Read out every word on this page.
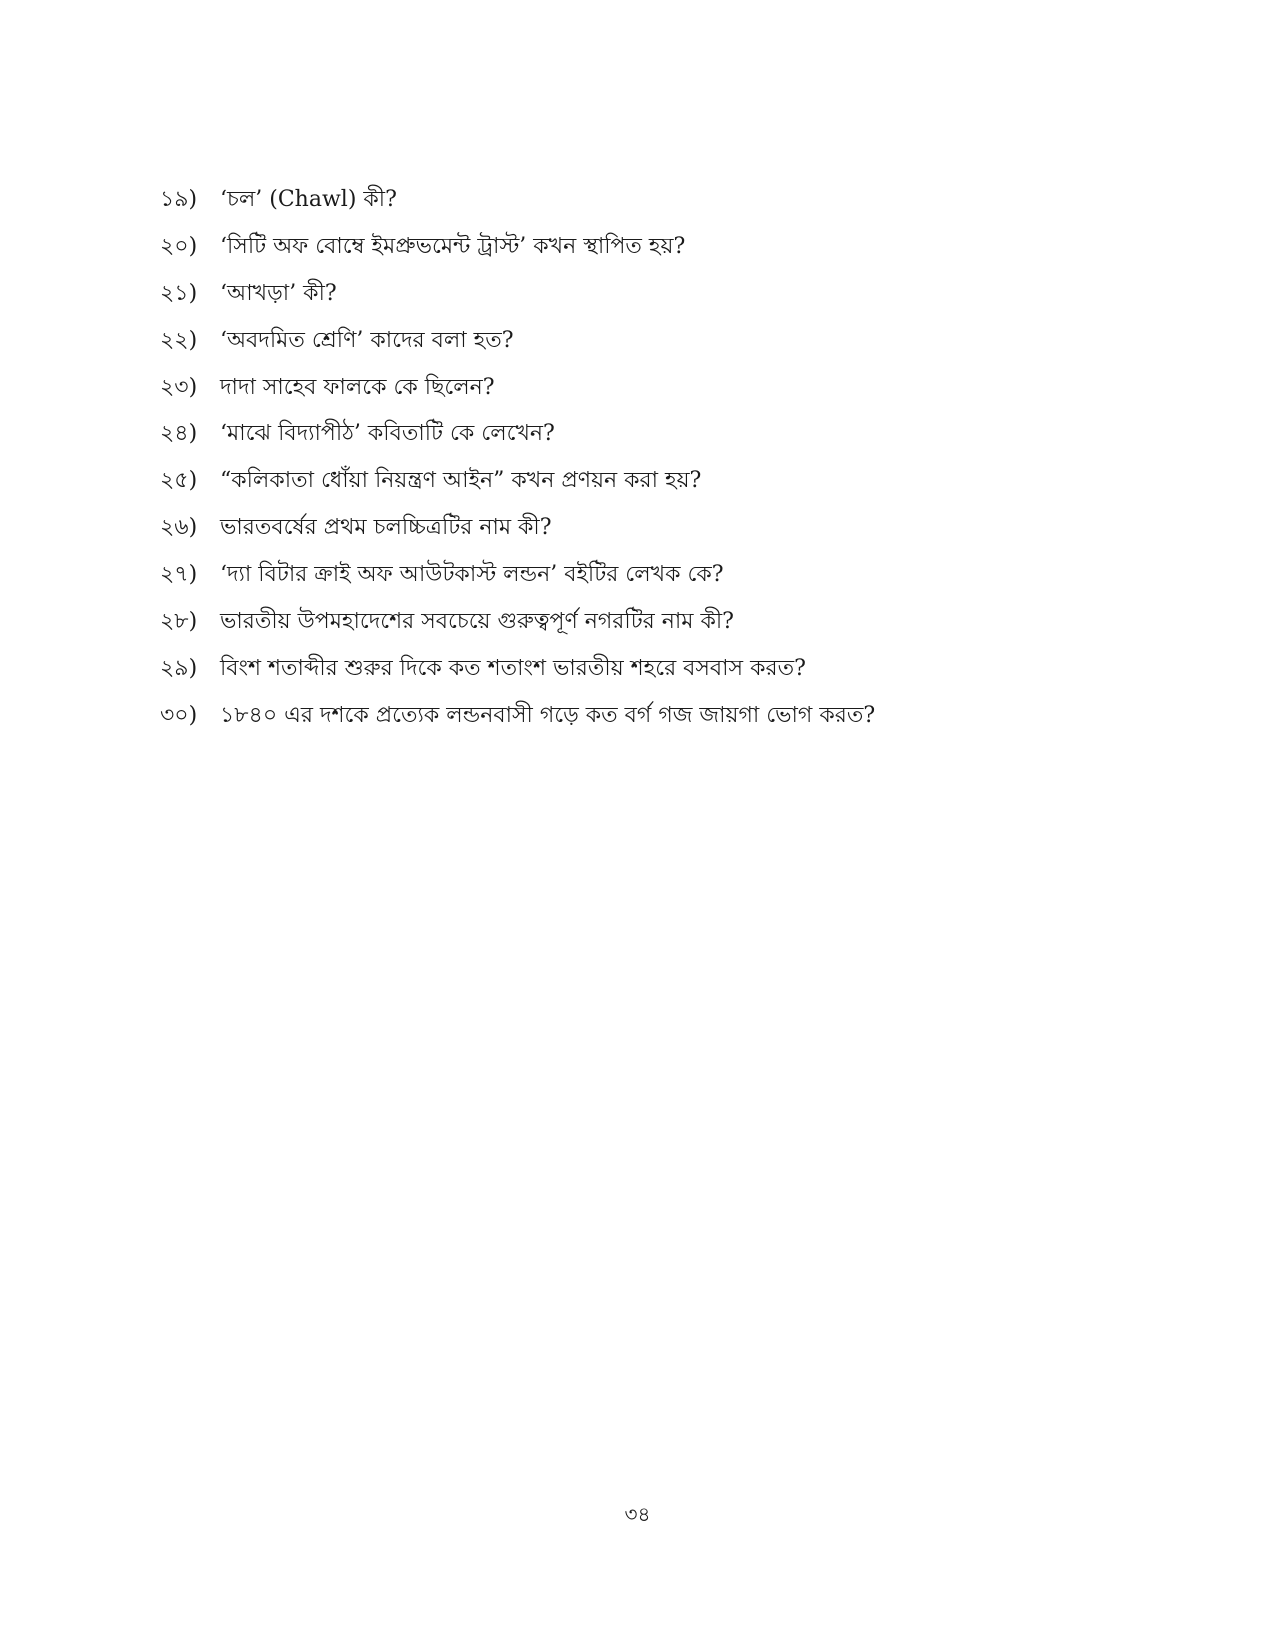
১৯)	‘চল’ (Chawl) কী?
২০)	‘সিটি অফ বোম্বে ইমপ্রুভমেন্ট ট্রাস্ট’ কখন স্থাপিত হয়?
২১)	‘আখড়া’ কী?
২২)	‘অবদমিত শ্রেণি’ কাদের বলা হত?
২৩)	দাদা সাহেব ফালকে কে ছিলেন?
২৪)	‘মাঝে বিদ্যাপীঠ’ কবিতাটি কে লেখেন?
২৫)	“কলিকাতা ধোঁয়া নিয়ন্ত্রণ আইন” কখন প্রণয়ন করা হয়?
২৬)	ভারতবর্ষের প্রথম চলচ্চিত্রটির নাম কী?
২৭)	‘দ্যা বিটার ক্রাই অফ আউটকাস্ট লন্ডন’ বইটির লেখক কে?
২৮)	ভারতীয় উপমহাদেশের সবচেয়ে গুরুত্বপূর্ণ নগরটির নাম কী?
২৯)	বিংশ শতাব্দীর শুরুর দিকে কত শতাংশ ভারতীয় শহরে বসবাস করত?
৩০)	১৮৪০ এর দশকে প্রত্যেক লন্ডনবাসী গড়ে কত বর্গ গজ জায়গা ভোগ করত?
৩৪
